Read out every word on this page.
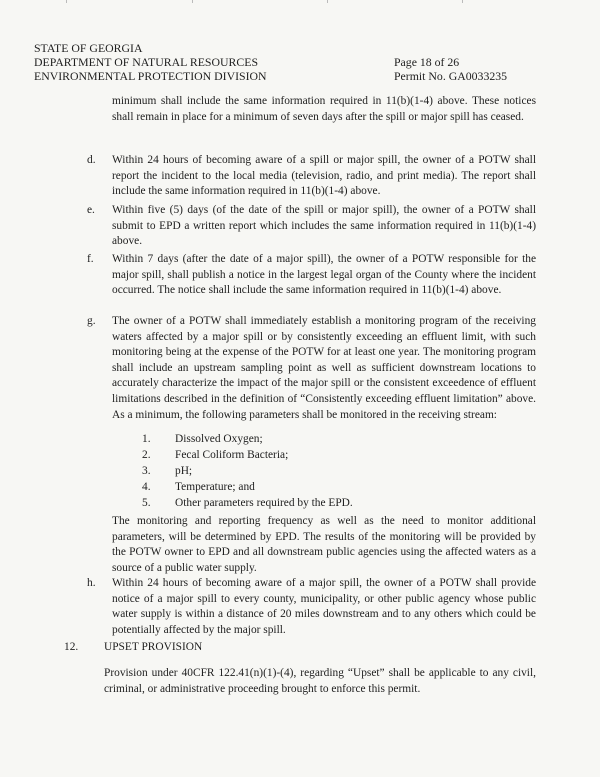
STATE OF GEORGIA
DEPARTMENT OF NATURAL RESOURCES
ENVIRONMENTAL PROTECTION DIVISION
Page 18 of 26
Permit No. GA0033235
minimum shall include the same information required in 11(b)(1-4) above. These notices shall remain in place for a minimum of seven days after the spill or major spill has ceased.
d. Within 24 hours of becoming aware of a spill or major spill, the owner of a POTW shall report the incident to the local media (television, radio, and print media). The report shall include the same information required in 11(b)(1-4) above.
e. Within five (5) days (of the date of the spill or major spill), the owner of a POTW shall submit to EPD a written report which includes the same information required in 11(b)(1-4) above.
f. Within 7 days (after the date of a major spill), the owner of a POTW responsible for the major spill, shall publish a notice in the largest legal organ of the County where the incident occurred. The notice shall include the same information required in 11(b)(1-4) above.
g. The owner of a POTW shall immediately establish a monitoring program of the receiving waters affected by a major spill or by consistently exceeding an effluent limit, with such monitoring being at the expense of the POTW for at least one year. The monitoring program shall include an upstream sampling point as well as sufficient downstream locations to accurately characterize the impact of the major spill or the consistent exceedence of effluent limitations described in the definition of “Consistently exceeding effluent limitation” above. As a minimum, the following parameters shall be monitored in the receiving stream:
1.	Dissolved Oxygen;
2.	Fecal Coliform Bacteria;
3.	pH;
4.	Temperature; and
5.	Other parameters required by the EPD.
The monitoring and reporting frequency as well as the need to monitor additional parameters, will be determined by EPD. The results of the monitoring will be provided by the POTW owner to EPD and all downstream public agencies using the affected waters as a source of a public water supply.
h. Within 24 hours of becoming aware of a major spill, the owner of a POTW shall provide notice of a major spill to every county, municipality, or other public agency whose public water supply is within a distance of 20 miles downstream and to any others which could be potentially affected by the major spill.
12. UPSET PROVISION
Provision under 40CFR 122.41(n)(1)-(4), regarding “Upset” shall be applicable to any civil, criminal, or administrative proceeding brought to enforce this permit.
